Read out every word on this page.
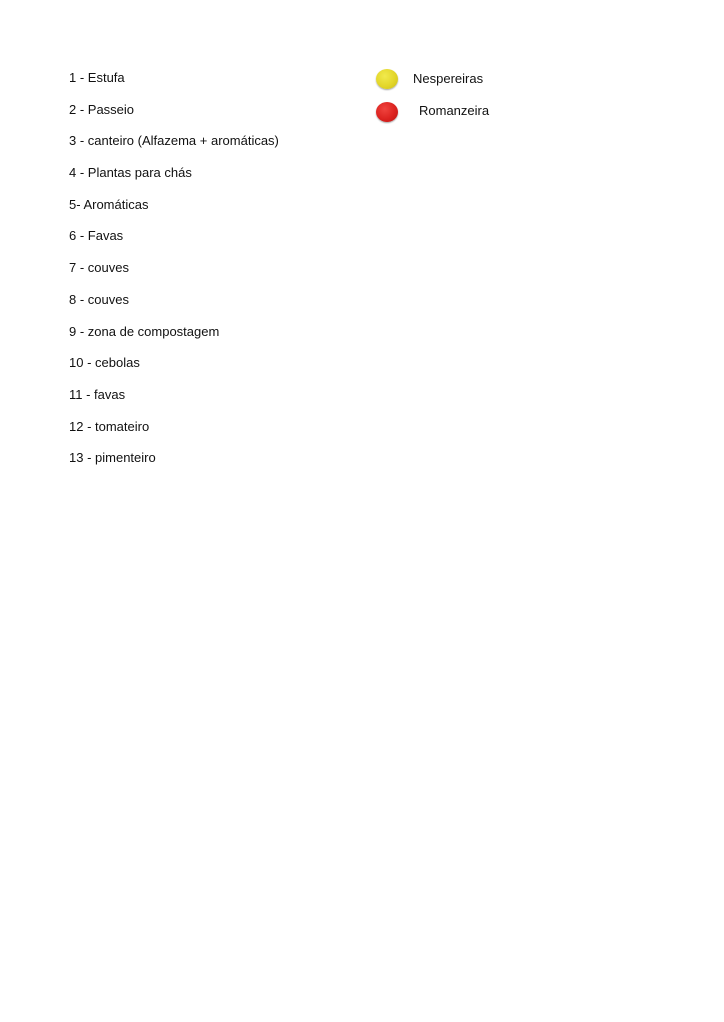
1 - Estufa
2 - Passeio
3 - canteiro (Alfazema + aromáticas)
4 - Plantas para chás
5- Aromáticas
6 - Favas
7 - couves
8 - couves
9 - zona de compostagem
10 - cebolas
11 - favas
12 - tomateiro
13 - pimenteiro
Nespereiras
Romanzeira
